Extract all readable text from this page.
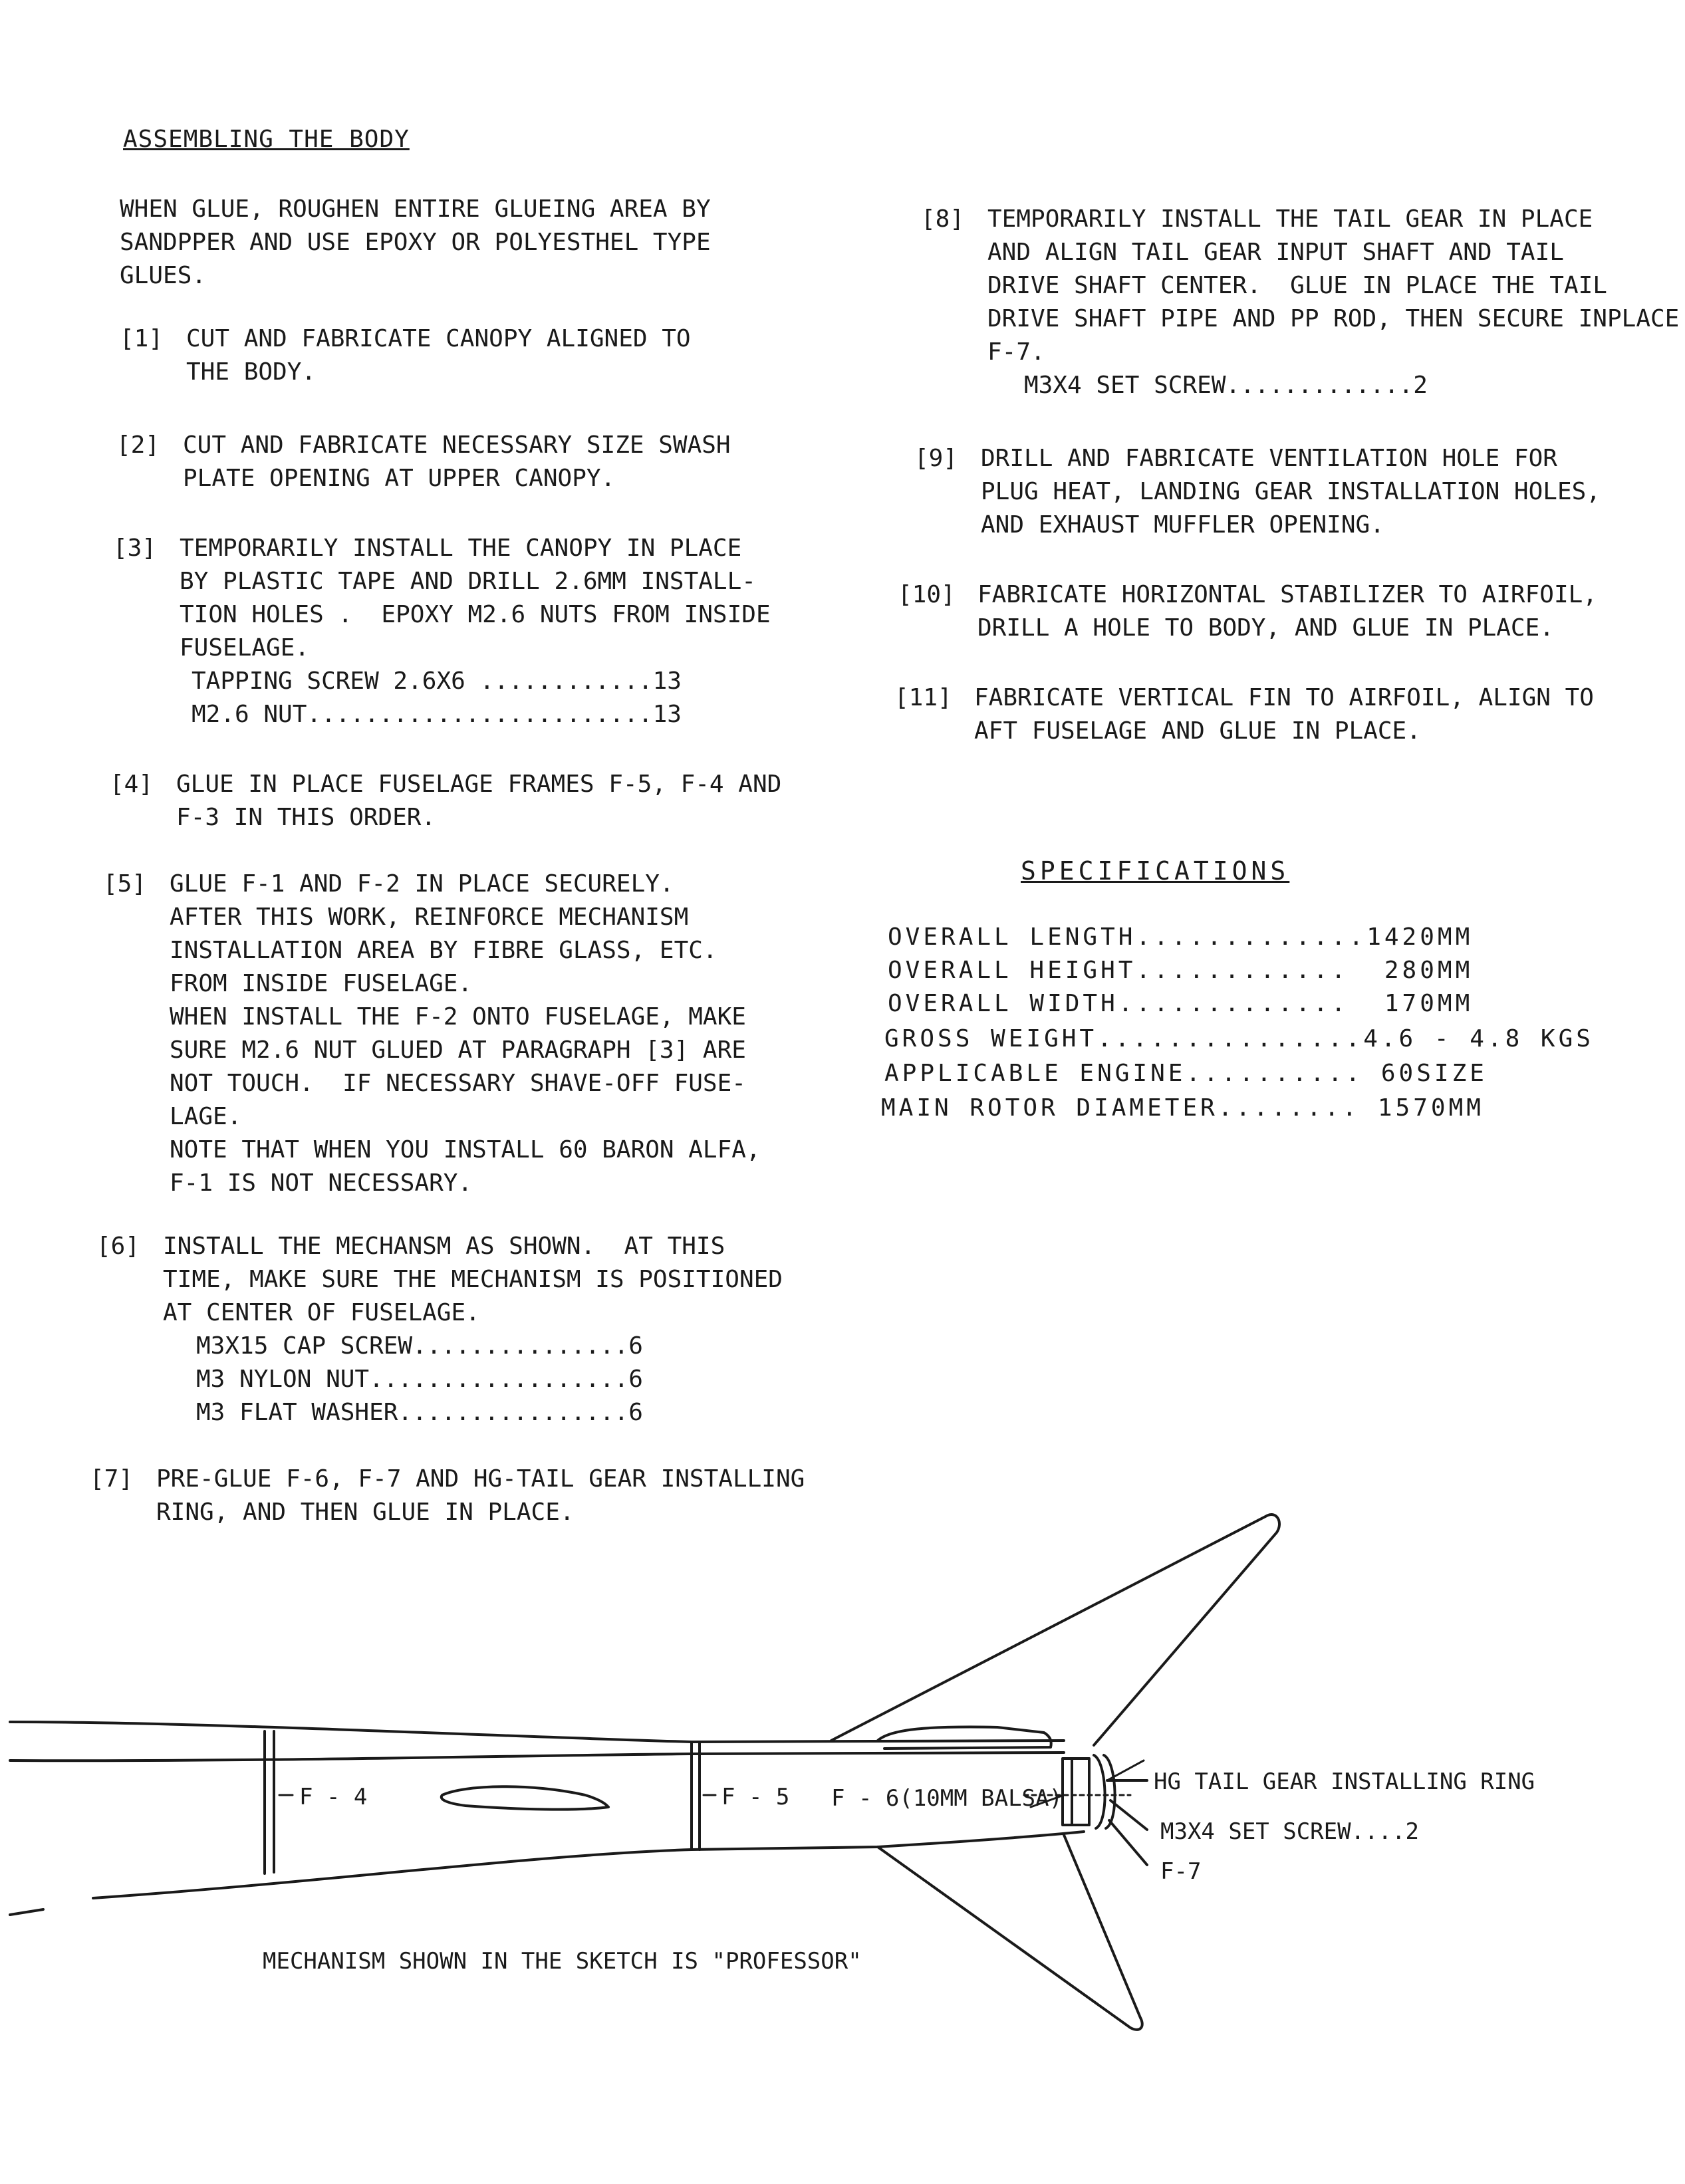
ASSEMBLING THE BODY
WHEN GLUE, ROUGHEN ENTIRE GLUEING AREA BY
SANDPPER AND USE EPOXY OR POLYESTHEL TYPE
GLUES.
[1] CUT AND FABRICATE CANOPY ALIGNED TO
THE BODY.
[2] CUT AND FABRICATE NECESSARY SIZE SWASH
PLATE OPENING AT UPPER CANOPY.
[3] TEMPORARILY INSTALL THE CANOPY IN PLACE
BY PLASTIC TAPE AND DRILL 2.6MM INSTALL-
TION HOLES .  EPOXY M2.6 NUTS FROM INSIDE
FUSELAGE.
TAPPING SCREW 2.6X6 ............13
M2.6 NUT........................13
[4] GLUE IN PLACE FUSELAGE FRAMES F-5, F-4 AND
F-3 IN THIS ORDER.
[5] GLUE F-1 AND F-2 IN PLACE SECURELY.
AFTER THIS WORK, REINFORCE MECHANISM
INSTALLATION AREA BY FIBRE GLASS, ETC.
FROM INSIDE FUSELAGE.
WHEN INSTALL THE F-2 ONTO FUSELAGE, MAKE
SURE M2.6 NUT GLUED AT PARAGRAPH [3] ARE
NOT TOUCH.  IF NECESSARY SHAVE-OFF FUSE-
LAGE.
NOTE THAT WHEN YOU INSTALL 60 BARON ALFA,
F-1 IS NOT NECESSARY.
[6] INSTALL THE MECHANSM AS SHOWN.  AT THIS
TIME, MAKE SURE THE MECHANISM IS POSITIONED
AT CENTER OF FUSELAGE.
M3X15 CAP SCREW...............6
M3 NYLON NUT..................6
M3 FLAT WASHER................6
[7] PRE-GLUE F-6, F-7 AND HG-TAIL GEAR INSTALLING
RING, AND THEN GLUE IN PLACE.
[8] TEMPORARILY INSTALL THE TAIL GEAR IN PLACE
AND ALIGN TAIL GEAR INPUT SHAFT AND TAIL
DRIVE SHAFT CENTER.  GLUE IN PLACE THE TAIL
DRIVE SHAFT PIPE AND PP ROD, THEN SECURE INPLACE
F-7.
M3X4 SET SCREW.............2
[9] DRILL AND FABRICATE VENTILATION HOLE FOR
PLUG HEAT, LANDING GEAR INSTALLATION HOLES,
AND EXHAUST MUFFLER OPENING.
[10] FABRICATE HORIZONTAL STABILIZER TO AIRFOIL,
DRILL A HOLE TO BODY, AND GLUE IN PLACE.
[11] FABRICATE VERTICAL FIN TO AIRFOIL, ALIGN TO
AFT FUSELAGE AND GLUE IN PLACE.
SPECIFICATIONS
OVERALL LENGTH.............1420MM
OVERALL HEIGHT............  280MM
OVERALL WIDTH.............  170MM
GROSS WEIGHT...............4.6 - 4.8 KGS
APPLICABLE ENGINE.......... 60SIZE
MAIN ROTOR DIAMETER........ 1570MM
F - 4	F - 5 F - 6(10MM BALSA)
HG TAIL GEAR INSTALLING RING
M3X4 SET SCREW....2
F-7
MECHANISM SHOWN IN THE SKETCH IS "PROFESSOR"
